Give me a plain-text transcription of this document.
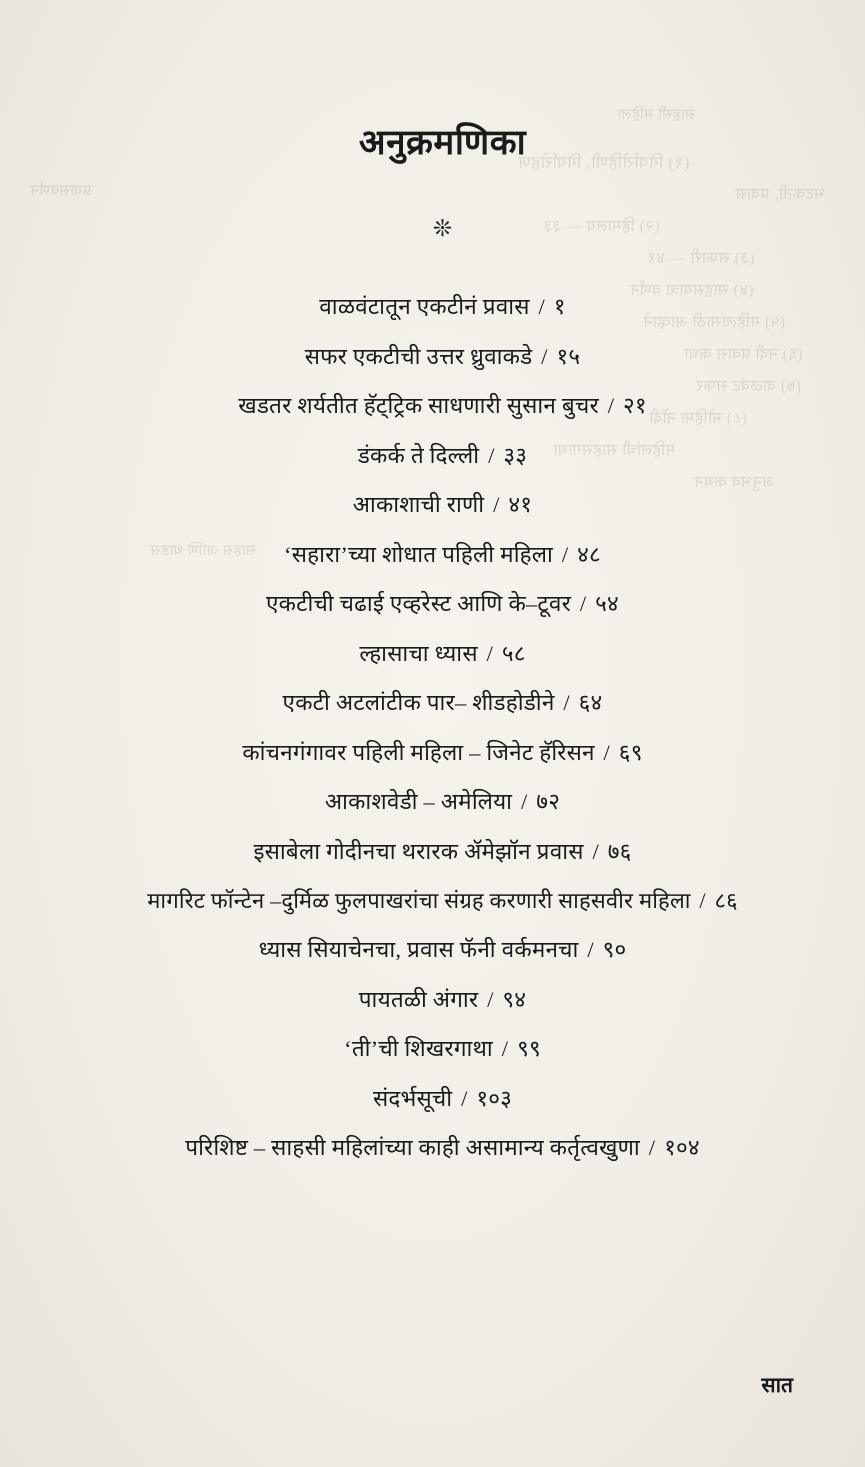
साहसी महिला
(१) गिर्यारोहिणी, गिर्यारोहण
भटकंती, प्रवास
(२) हिमालय — ३३
(३) सफारी — ४१
(४) साहसयात्रा वर्णन
(५) महिलांसाठी आव्हाने
(६) नदी प्रवास कथा
(७) वाळवंट सफर
(८) मोहिमा नोंदी
महिलांची साहसगाथा
अनुभव कथन
प्रवासवर्णन
साहस आणि धाडस
अनुक्रमणिका
❊
वाळवंटातून एकटीनं प्रवास / १
सफर एकटीची उत्तर ध्रुवाकडे / १५
खडतर शर्यतीत हॅट्ट्रिक साधणारी सुसान बुचर / २१
डंकर्क ते दिल्ली / ३३
आकाशाची राणी / ४१
‘सहारा’च्या शोधात पहिली महिला / ४८
एकटीची चढाई एव्हरेस्ट आणि के–टूवर / ५४
ल्हासाचा ध्यास / ५८
एकटी अटलांटीक पार– शीडहोडीने / ६४
कांचनगंगावर पहिली महिला – जिनेट हॅरिसन / ६९
आकाशवेडी – अमेलिया / ७२
इसाबेला गोदीनचा थरारक ॲमेझॉन प्रवास / ७६
मागरिट फॉन्टेन –दुर्मिळ फुलपाखरांचा संग्रह करणारी साहसवीर महिला / ८६
ध्यास सियाचेनचा, प्रवास फॅनी वर्कमनचा / ९०
पायतळी अंगार / ९४
‘ती’ची शिखरगाथा / ९९
संदर्भसूची / १०३
परिशिष्ट – साहसी महिलांच्या काही असामान्य कर्तृत्वखुणा / १०४
सात
